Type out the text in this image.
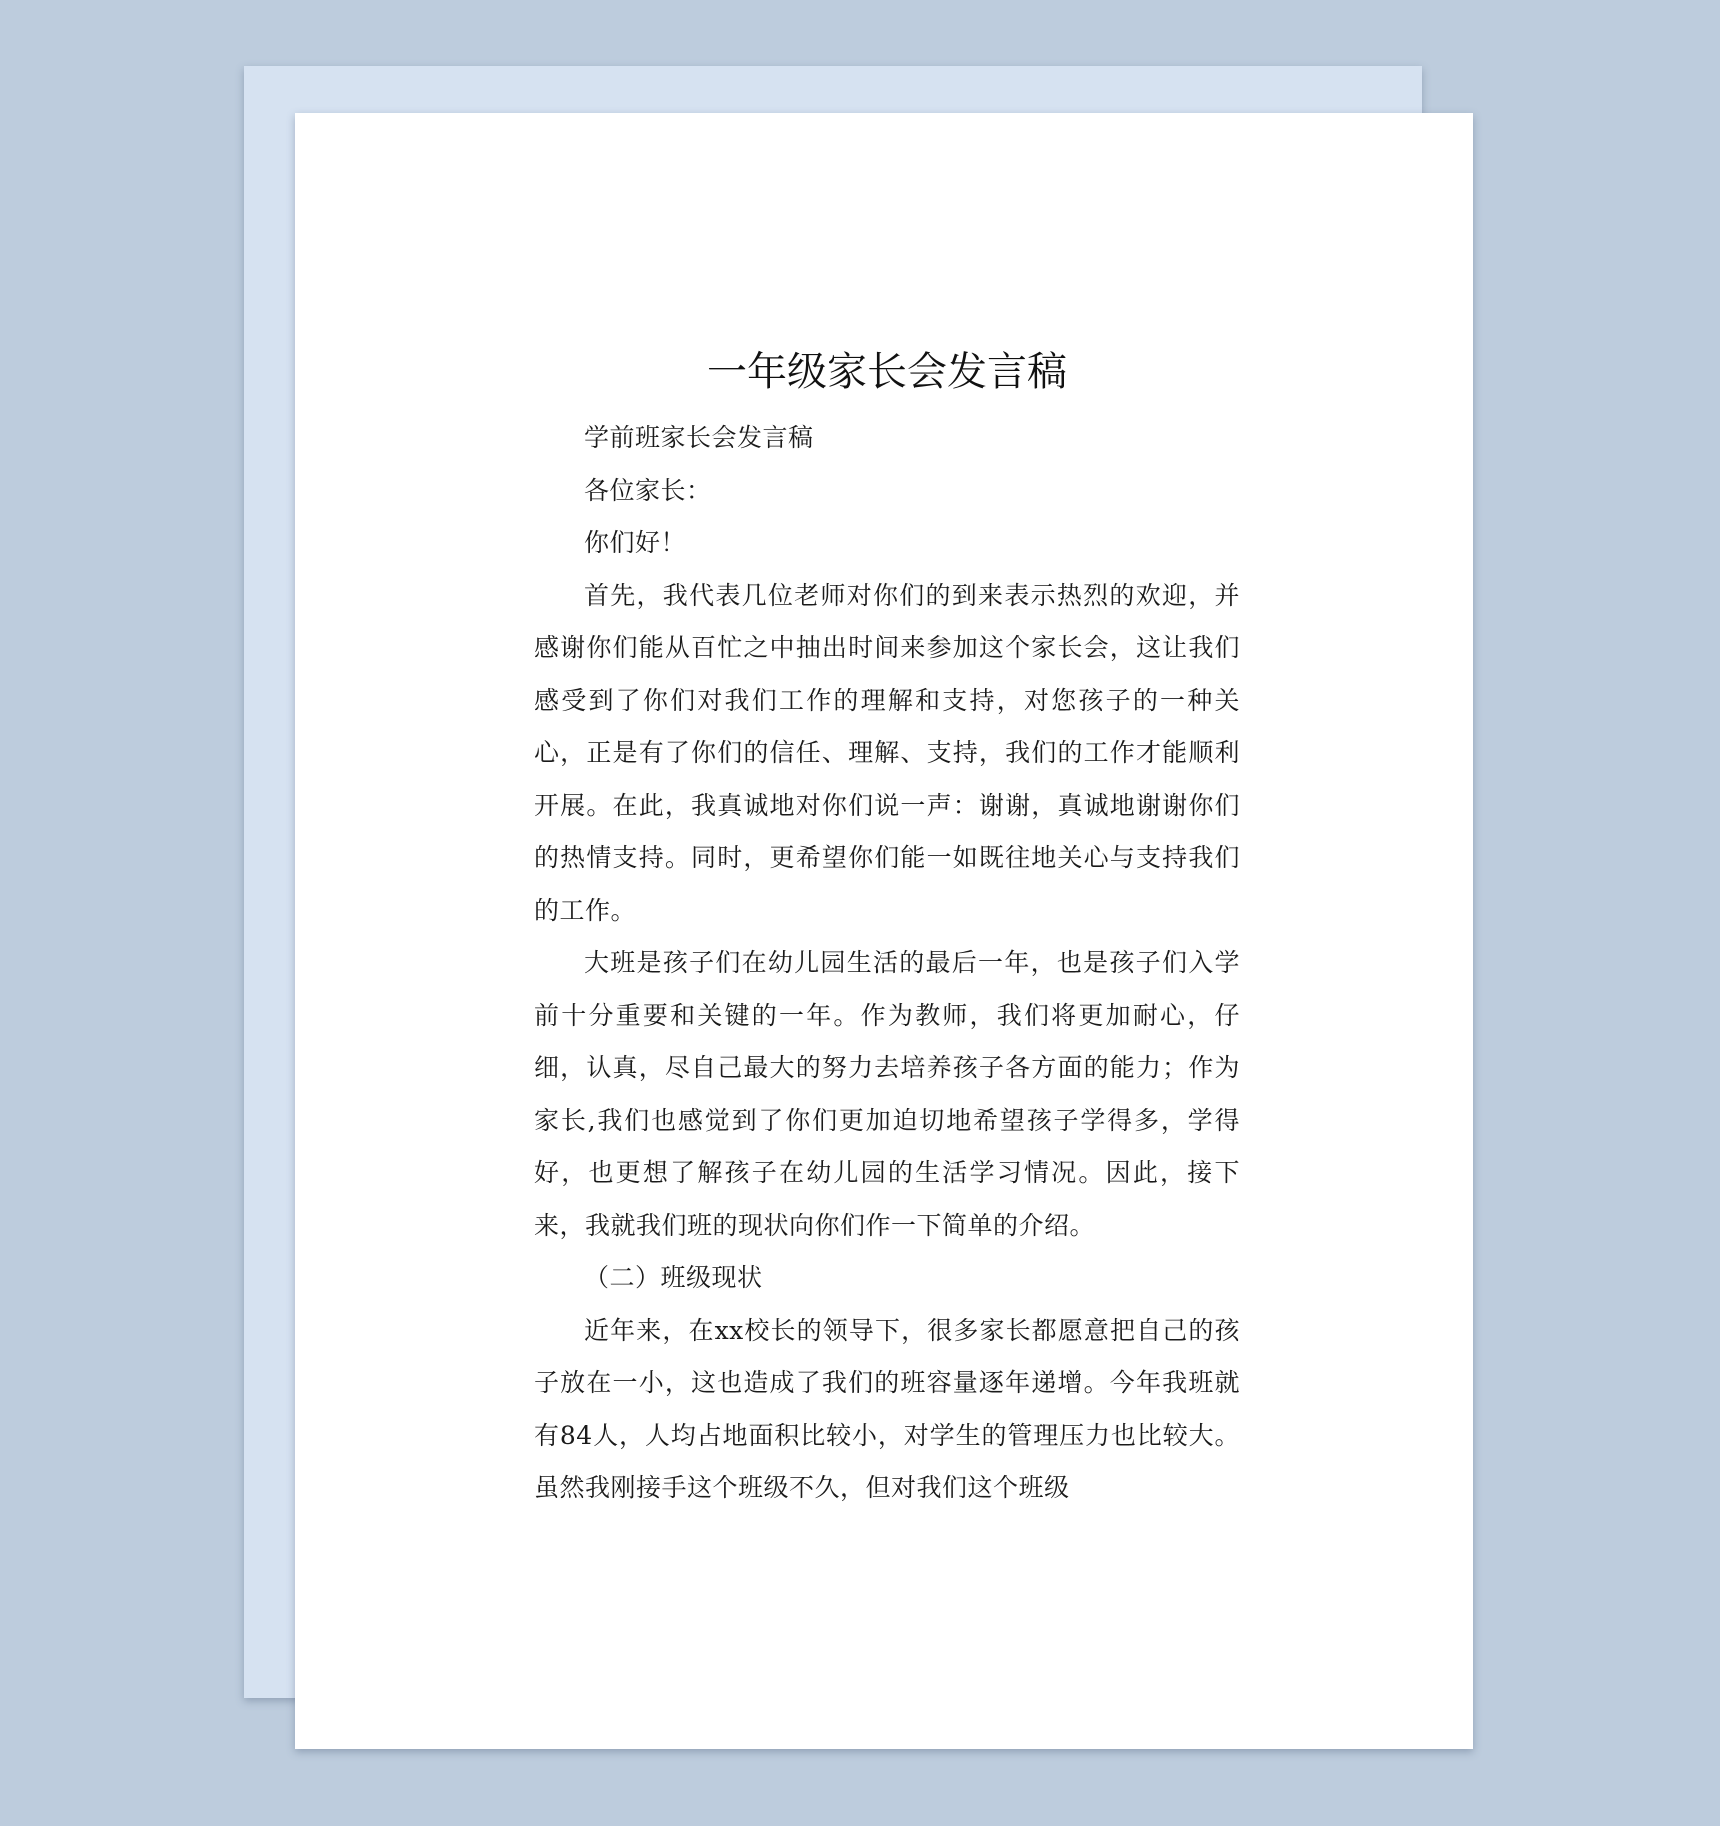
一年级家长会发言稿

学前班家长会发言稿

各位家长：

你们好！

首先，我代表几位老师对你们的到来表示热烈的欢迎，并感谢你们能从百忙之中抽出时间来参加这个家长会，这让我们感受到了你们对我们工作的理解和支持，对您孩子的一种关心，正是有了你们的信任、理解、支持，我们的工作才能顺利开展。在此，我真诚地对你们说一声：谢谢，真诚地谢谢你们的热情支持。同时，更希望你们能一如既往地关心与支持我们的工作。

大班是孩子们在幼儿园生活的最后一年，也是孩子们入学前十分重要和关键的一年。作为教师，我们将更加耐心，仔细，认真，尽自己最大的努力去培养孩子各方面的能力；作为家长,我们也感觉到了你们更加迫切地希望孩子学得多，学得好，也更想了解孩子在幼儿园的生活学习情况。因此，接下来，我就我们班的现状向你们作一下简单的介绍。

（二）班级现状

近年来，在xx校长的领导下，很多家长都愿意把自己的孩子放在一小，这也造成了我们的班容量逐年递增。今年我班就有84人，人均占地面积比较小，对学生的管理压力也比较大。虽然我刚接手这个班级不久，但对我们这个班级
